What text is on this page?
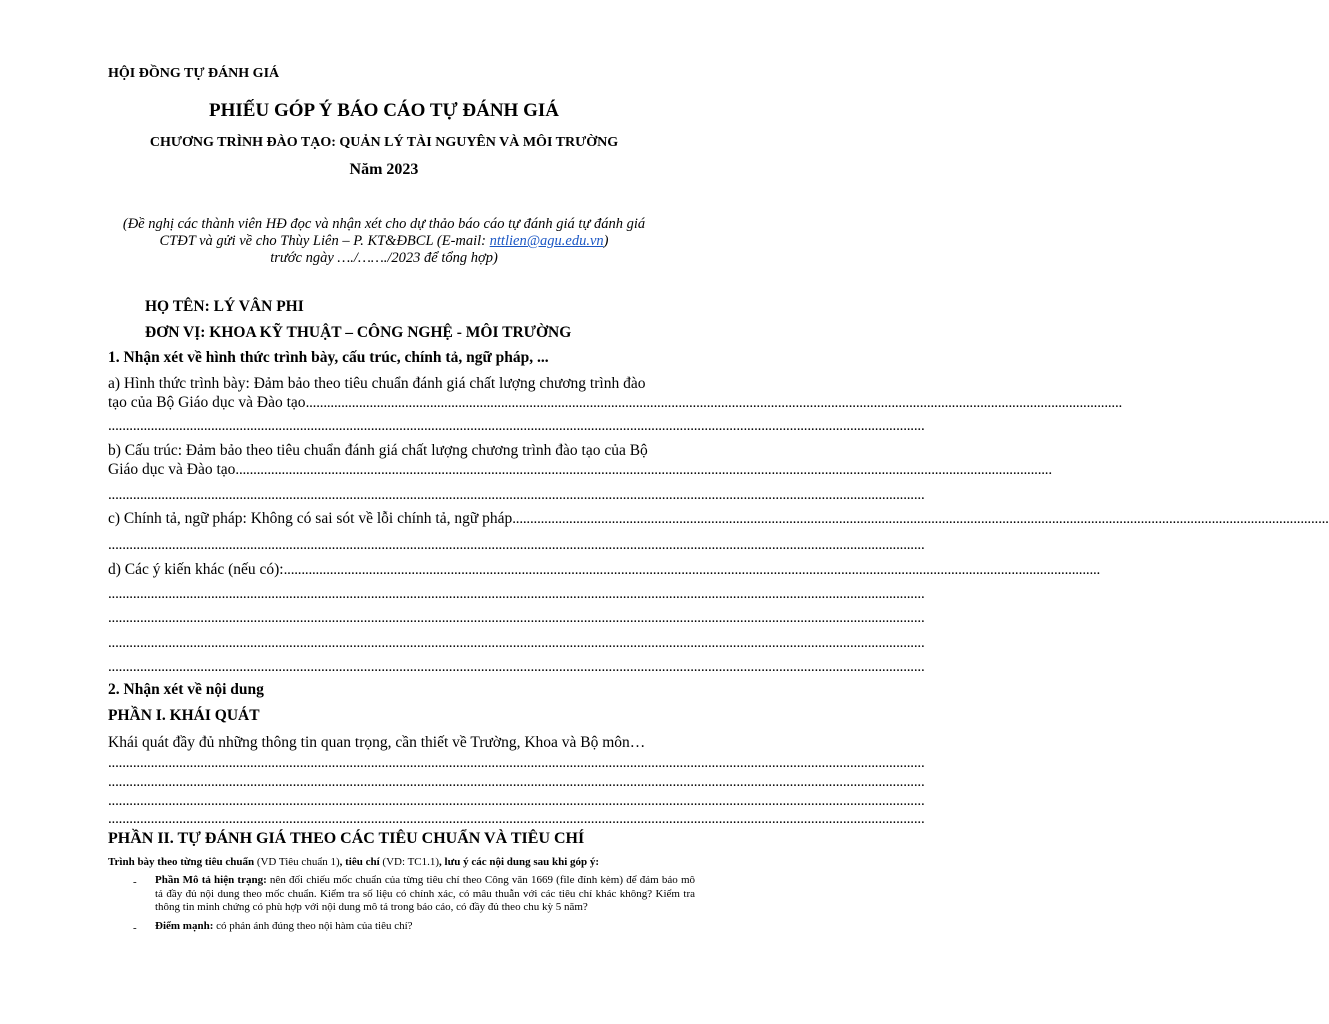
HỘI ĐỒNG TỰ ĐÁNH GIÁ
PHIẾU GÓP Ý BÁO CÁO TỰ ĐÁNH GIÁ
CHƯƠNG TRÌNH ĐÀO TẠO: QUẢN LÝ TÀI NGUYÊN VÀ MÔI TRƯỜNG
Năm 2023
(Đề nghị các thành viên HĐ đọc và nhận xét cho dự thảo báo cáo tự đánh giá tự đánh giá
CTĐT và gửi về cho Thùy Liên – P. KT&ĐBCL (E-mail: nttlien@agu.edu.vn)
trước ngày …./……./2023 để tổng hợp)
HỌ TÊN: LÝ VÂN PHI
ĐƠN VỊ: KHOA KỸ THUẬT – CÔNG NGHỆ - MÔI TRƯỜNG
1. Nhận xét về hình thức trình bày, cấu trúc, chính tả, ngữ pháp, ...
a) Hình thức trình bày: Đảm bảo theo tiêu chuẩn đánh giá chất lượng chương trình đào
tạo của Bộ Giáo dục và Đào tạo ......................................................................................................................................................................................................................................
......................................................................................................................................................................................................................................
b) Cấu trúc: Đảm bảo theo tiêu chuẩn đánh giá chất lượng chương trình đào tạo của Bộ
Giáo dục và Đào tạo ......................................................................................................................................................................................................................................
......................................................................................................................................................................................................................................
c) Chính tả, ngữ pháp: Không có sai sót về lỗi chính tả, ngữ pháp ......................................................................................................................................................................................................................................
......................................................................................................................................................................................................................................
d) Các ý kiến khác (nếu có): ......................................................................................................................................................................................................................................
......................................................................................................................................................................................................................................
......................................................................................................................................................................................................................................
......................................................................................................................................................................................................................................
......................................................................................................................................................................................................................................
2. Nhận xét về nội dung
PHẦN I. KHÁI QUÁT
Khái quát đầy đủ những thông tin quan trọng, cần thiết về Trường, Khoa và Bộ môn…
......................................................................................................................................................................................................................................
......................................................................................................................................................................................................................................
......................................................................................................................................................................................................................................
......................................................................................................................................................................................................................................
PHẦN II. TỰ ĐÁNH GIÁ THEO CÁC TIÊU CHUẨN VÀ TIÊU CHÍ
Trình bày theo từng tiêu chuẩn (VD Tiêu chuẩn 1), tiêu chí (VD: TC1.1), lưu ý các nội dung sau khi góp ý:
- Phần Mô tả hiện trạng: nên đối chiếu mốc chuẩn của từng tiêu chí theo Công văn 1669 (file đính kèm) để đảm bảo mô tả đầy đủ nội dung theo mốc chuẩn. Kiểm tra số liệu có chính xác, có mâu thuẫn với các tiêu chí khác không? Kiểm tra thông tin minh chứng có phù hợp với nội dung mô tả trong báo cáo, có đầy đủ theo chu kỳ 5 năm?
- Điểm mạnh: có phản ánh đúng theo nội hàm của tiêu chí?
